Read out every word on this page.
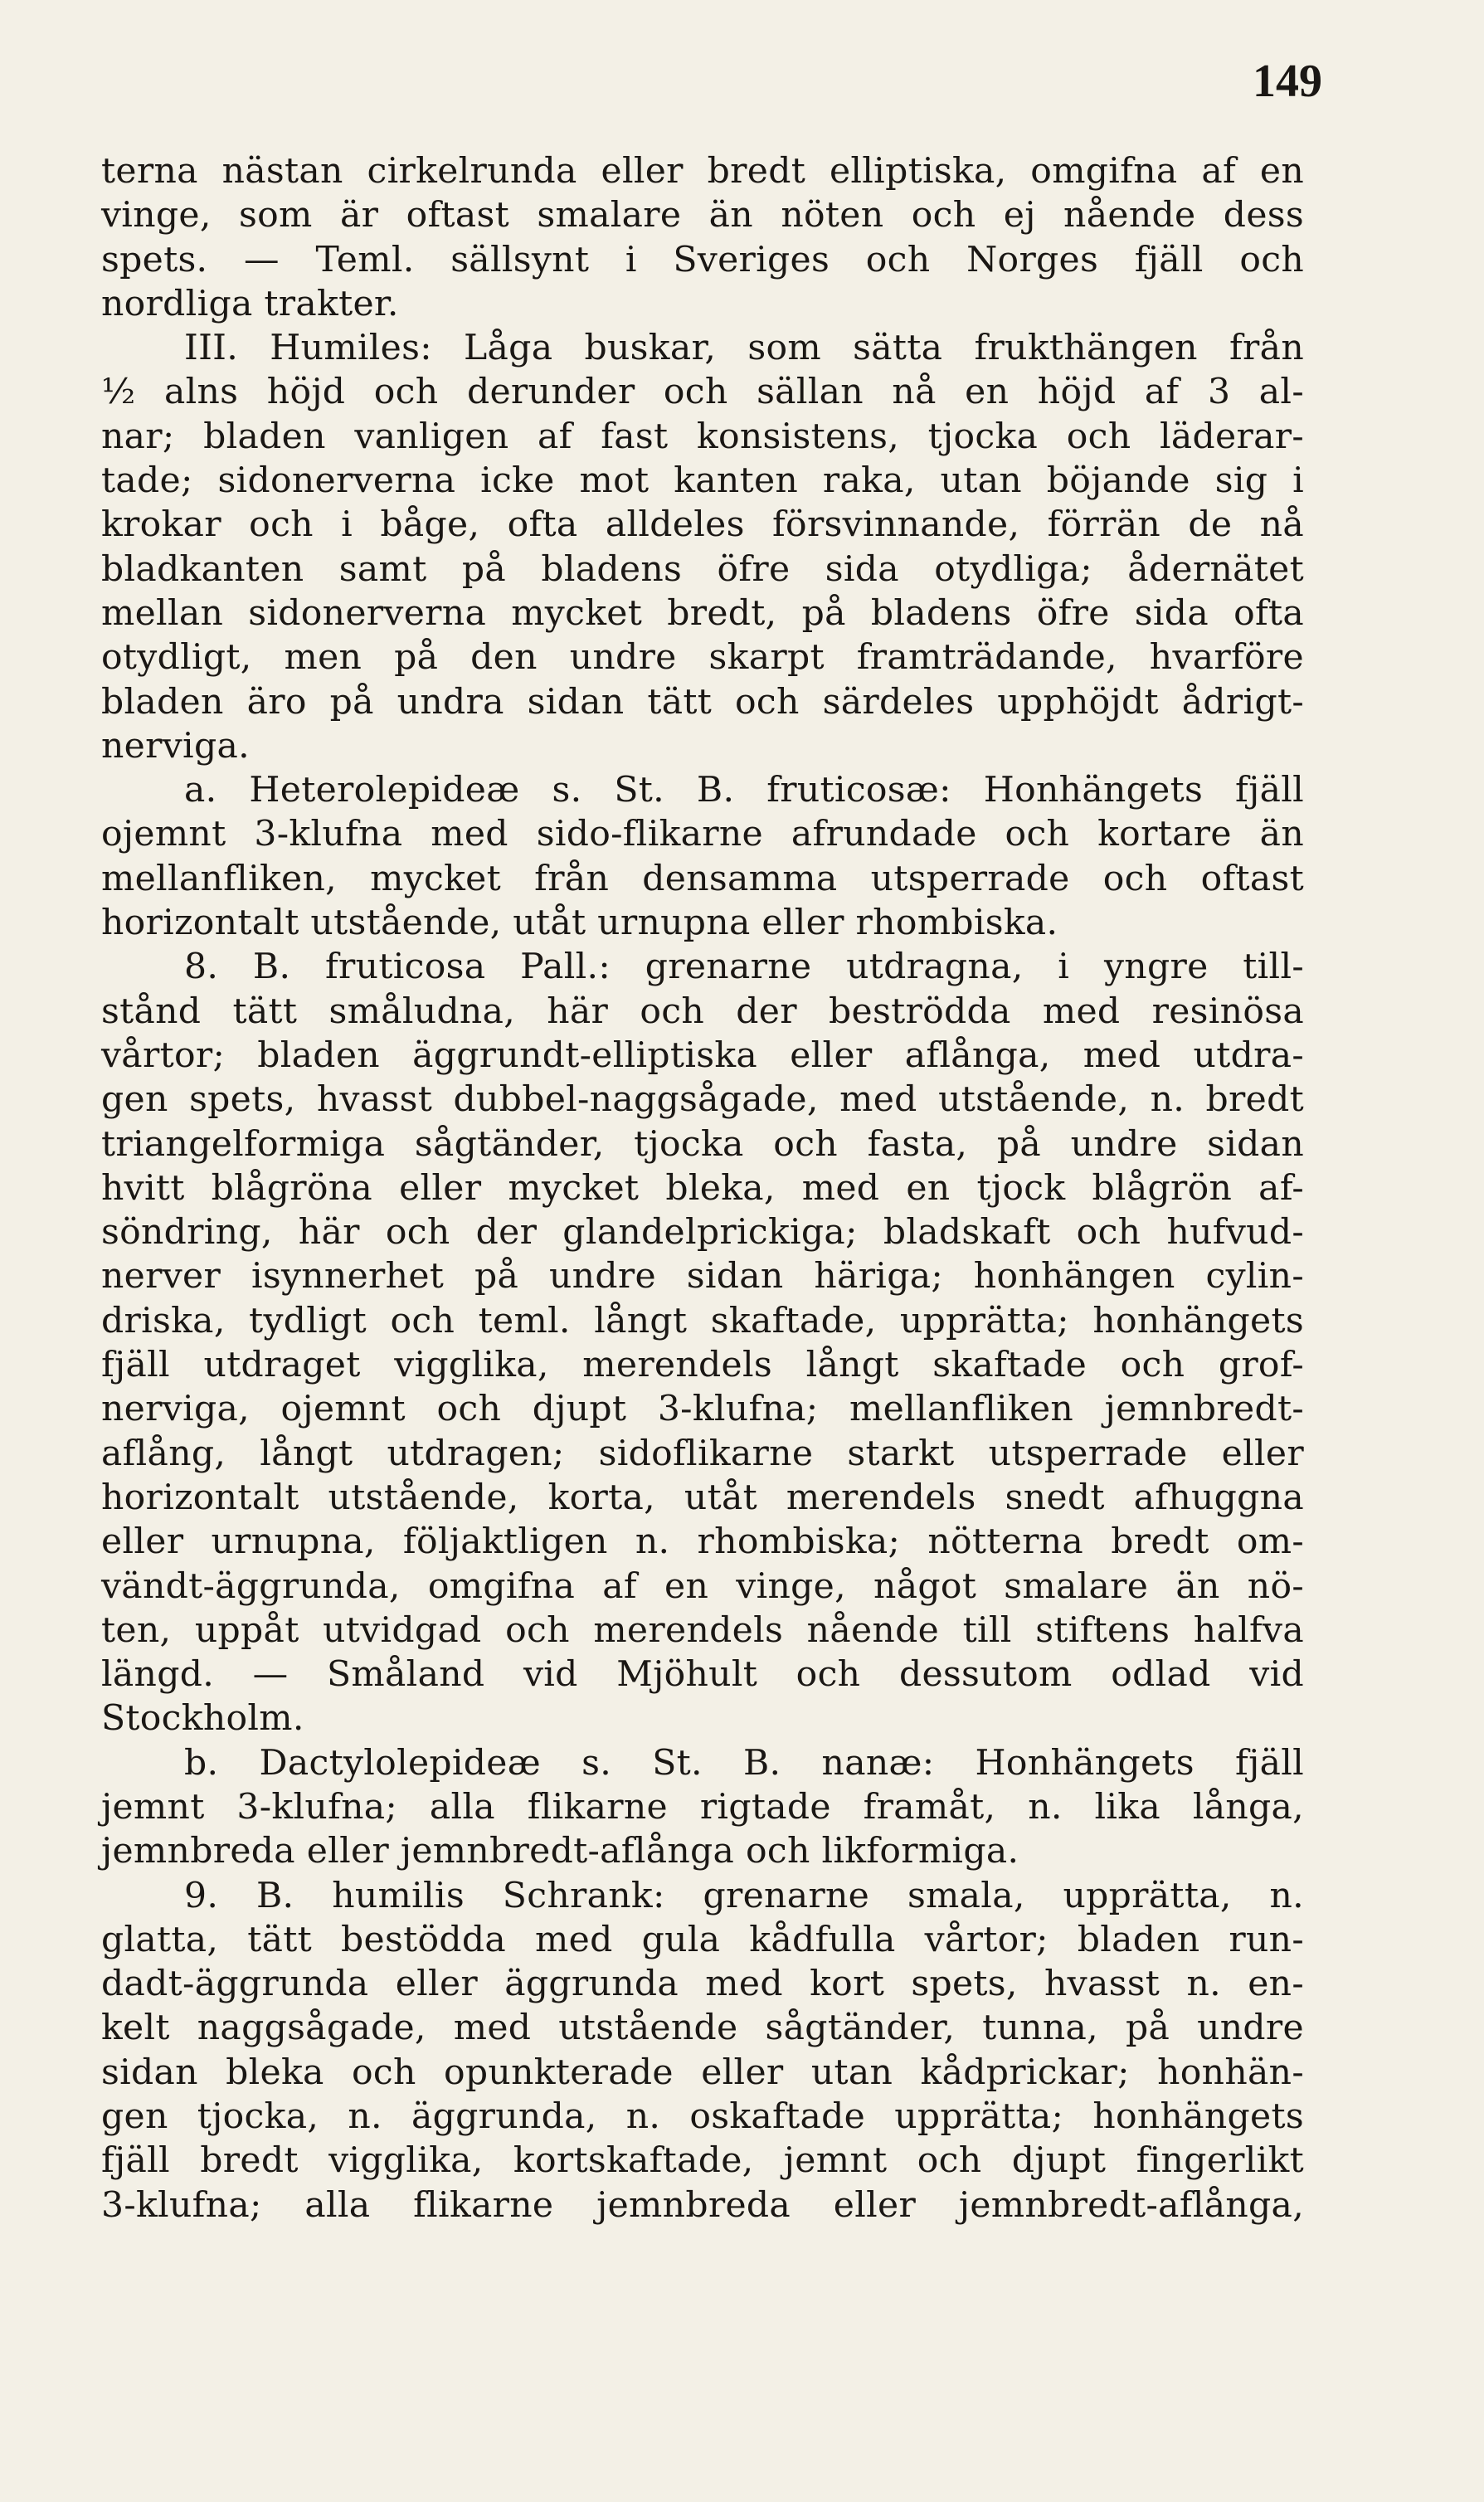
149
terna nästan cirkelrunda eller bredt elliptiska, omgifna af en
vinge, som är oftast smalare än nöten och ej nående dess
spets. — Teml. sällsynt i Sveriges och Norges fjäll och
nordliga trakter.
III. Humiles: Låga buskar, som sätta frukthängen från
½ alns höjd och derunder och sällan nå en höjd af 3 al-
nar; bladen vanligen af fast konsistens, tjocka och läderar-
tade; sidonerverna icke mot kanten raka, utan böjande sig i
krokar och i båge, ofta alldeles försvinnande, förrän de nå
bladkanten samt på bladens öfre sida otydliga; ådernätet
mellan sidonerverna mycket bredt, på bladens öfre sida ofta
otydligt, men på den undre skarpt framträdande, hvarföre
bladen äro på undra sidan tätt och särdeles upphöjdt ådrigt-
nerviga.
a. Heterolepideæ s. St. B. fruticosæ: Honhängets fjäll
ojemnt 3-klufna med sido-flikarne afrundade och kortare än
mellanfliken, mycket från densamma utsperrade och oftast
horizontalt utstående, utåt urnupna eller rhombiska.
8. B. fruticosa Pall.: grenarne utdragna, i yngre till-
stånd tätt småludna, här och der beströdda med resinösa
vårtor; bladen äggrundt-elliptiska eller aflånga, med utdra-
gen spets, hvasst dubbel-naggsågade, med utstående, n. bredt
triangelformiga sågtänder, tjocka och fasta, på undre sidan
hvitt blågröna eller mycket bleka, med en tjock blågrön af-
söndring, här och der glandelprickiga; bladskaft och hufvud-
nerver isynnerhet på undre sidan häriga; honhängen cylin-
driska, tydligt och teml. långt skaftade, upprätta; honhängets
fjäll utdraget vigglika, merendels långt skaftade och grof-
nerviga, ojemnt och djupt 3-klufna; mellanfliken jemnbredt-
aflång, långt utdragen; sidoflikarne starkt utsperrade eller
horizontalt utstående, korta, utåt merendels snedt afhuggna
eller urnupna, följaktligen n. rhombiska; nötterna bredt om-
vändt-äggrunda, omgifna af en vinge, något smalare än nö-
ten, uppåt utvidgad och merendels nående till stiftens halfva
längd. — Småland vid Mjöhult och dessutom odlad vid
Stockholm.
b. Dactylolepideæ s. St. B. nanæ: Honhängets fjäll
jemnt 3-klufna; alla flikarne rigtade framåt, n. lika långa,
jemnbreda eller jemnbredt-aflånga och likformiga.
9. B. humilis Schrank: grenarne smala, upprätta, n.
glatta, tätt bestödda med gula kådfulla vårtor; bladen run-
dadt-äggrunda eller äggrunda med kort spets, hvasst n. en-
kelt naggsågade, med utstående sågtänder, tunna, på undre
sidan bleka och opunkterade eller utan kådprickar; honhän-
gen tjocka, n. äggrunda, n. oskaftade upprätta; honhängets
fjäll bredt vigglika, kortskaftade, jemnt och djupt fingerlikt
3-klufna; alla flikarne jemnbreda eller jemnbredt-aflånga,
